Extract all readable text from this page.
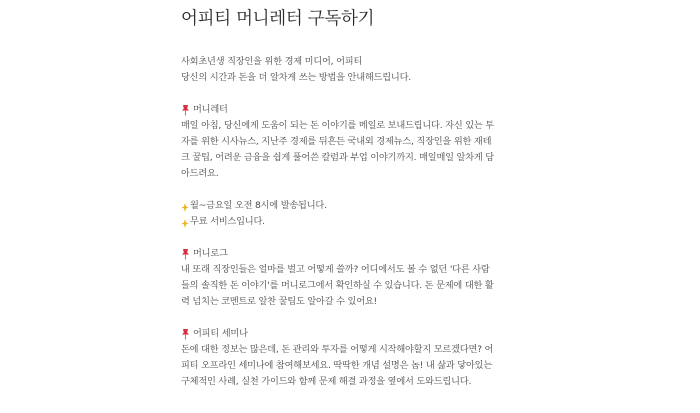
어피티 머니레터 구독하기

사회초년생 직장인을 위한 경제 미디어, 어피티

당신의 시간과 돈을 더 알차게 쓰는 방법을 안내해드립니다.

머니레터

매일 아침, 당신에게 도움이 되는 돈 이야기를 메일로 보내드립니다. 자신 있는 투

자를 위한 시사뉴스, 지난주 경제를 뒤흔든 국내외 경제뉴스, 직장인을 위한 재테

크 꿀팁, 어려운 금융을 쉽게 풀어쓴 칼럼과 부업 이야기까지. 매일매일 알차게 담

아드려요.

월~금요일 오전 8시에 발송됩니다.
무료 서비스입니다.
머니로그

내 또래 직장인들은 얼마를 벌고 어떻게 쓸까? 어디에서도 볼 수 없던 '다른 사람

들의 솔직한 돈 이야기'를 머니로그에서 확인하실 수 있습니다. 돈 문제에 대한 활

력 넘치는 코멘트로 알찬 꿀팁도 알아갈 수 있어요!

어피티 세미나

돈에 대한 정보는 많은데, 돈 관리와 투자를 어떻게 시작해야할지 모르겠다면? 어

피티 오프라인 세미나에 참여해보세요. 딱딱한 개념 설명은 놉! 내 삶과 닿아있는

구체적인 사례, 실천 가이드와 함께 문제 해결 과정을 옆에서 도와드립니다.
